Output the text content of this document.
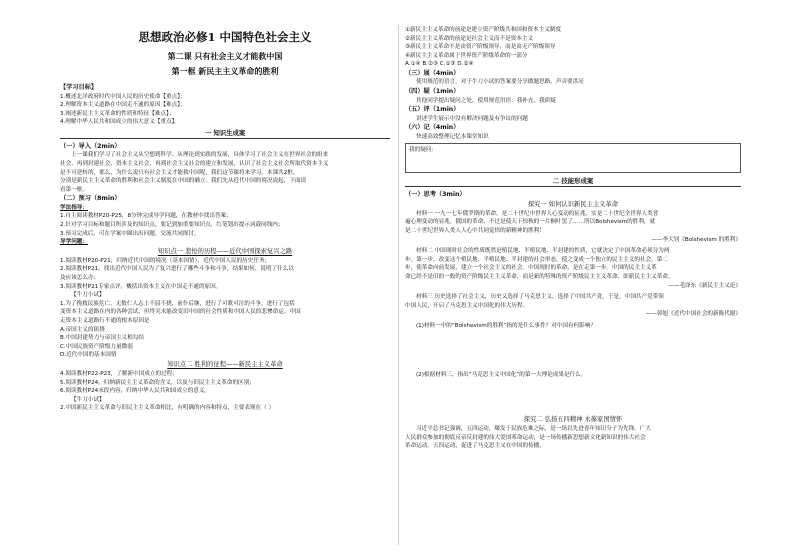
思想政治必修1 中国特色社会主义
第二课 只有社会主义才能救中国
第一框 新民主主义革命的胜利
【学习目标】
1.概述北洋政府时代中国人民的历史使命【重点】；
2.理解资本主义道路在中国走不通的原因【难点】；
3.阐述新民主主义革命的性质和特征【难点】；
4.理解中华人民共和国成立的伟大意义【重点】。
一 知识生成案
（一）导入（2min）
上一课我们学习了社会主义从空想到科学、从理论到实践的发展，具体学习了社会主义在世界社会的组来
社会、再到封建社会、资本主义社会、再到社会主义社会的建立和发展，认识了社会主义社会所取代资本主义
是不可逆转的，那么，为什么说只有社会主义才能救中国呢，我们这节课将来学习。本课共2框，
分别是新民主主义革命的胜利和社会主义制度在中国的确立。我们先从近代中国的境况说起，下面请
看第一框。
（二）预习（8min）
学法指导：
1.自主阅读教材P20-P25，8分钟完成导学问题，在教材中找出答案；
2.针对学习目标和题目所涉及的知识点，要记到加重要知识点，红笔划出提示词载同线内；
3.预习完成后，可在学案中圈出出问题，交流共同探讨。
导学问题：
知识点一 悲怆的历程——近代中国探索复兴之路
1.阅读教材P20-P21，归纳近代中国的境况（基本国情）、近代中国人民的历史任务；
2.阅读教材P21，找出近代中国人民为了复兴进行了哪些斗争和斗争，结果如何，说明了什么以
及应该怎么办；
3.阅读教材P21专家点评，概括出资本主义在中国走不通的原因。
【牛刀小试】
1.为了挽救民族危亡，无数仁人志士不屈不挠、前仆后继，进行了可歌可泣的斗争，进行了包括
变资本主义道路在内的各种尝试，但终究未能改变旧中国的社会性质和中国人民的悲惨命运。中国
走资本主义道路行不通的根本原因是
A.帝国主义的阻挠
B.中国封建势力与帝国主义相勾结
C.中国民族资产阶级力量微弱
D.近代中国的基本国情
知识点二 胜利的征程——新民主主义革命
4.阅读教材P22-P23，了解新中国成立的过程；
5.阅读教材P24，归纳新民主主义革命的含义，以及与旧民主主义革命的区别；
6.阅读教材P24末段内容，归纳中华人民共和国成立的意义。
【牛刀小试】
2.中国新民主主义革命与旧民主主义革命相比，有明确的内容和特点，主要表现在（ ）
①新民主主义革命的前途是建立资产阶级共和国和资本主义制度
②新民主主义革命的前途是社会主义而不是资本主义
③新民主主义革命不是由资产阶级领导，而是由无产阶级领导
④新民主主义革命属于世界资产阶级革命的一部分
A.①④ B.②③ C.①③ D.②④
（三）展（4min）
使用规范的语言，对于牛刀小试的答案要分享做题思路，声音要洪亮
（四）疑（1min）
其他同学提出疑问之处，使用规范用语：我补充、我质疑
（五）评（1min）
讲述学生展示中没有解决问题及有争议的问题
（六）记（4min）
快速高效整理记忆本课堂知识
我的疑问：
二 技能形成案
（一）思考（3min）
探究一 如何认识新民主主义革命
材料一 一九一七年俄罗斯的革命，是二十世纪中世界人心变动的征兆。实是二十世纪全世界人类普
遍心理变动的显兆。俄国的革命，不过是使天下惊秋的一片桐叶罢了……所以Bolshevism的胜利，就
是二十世纪世界人类人人心中共同觉悟的新精神的胜利！
——李大钊《Bolshevism 的胜利》
材料二 中国现时社会的性质既然是殖民地、半殖民地、半封建的性质，它就决定了中国革命必须分为两
步。第一步，改变这个殖民地、半殖民地、半封建的社会形态，使之变成一个独立的民主主义的社会。第二
步，使革命向前发展，建立一个社会主义的社会。中国现时的革命，是在走第一步。中国的民主主义革
命已经不是旧的一般的资产阶级民主主义革命，而是新的特殊的资产阶级民主主义革命，即新民主主义革命。
——毛泽东《新民主主义论》
材料三 历史选择了社会主义，历史又选择了马克思主义，选择了中国共产党，于是，中国共产党带领
中国人民，开启了马克思主义中国化的伟大历程。
——韩旭《近代中国社会的新陈代谢》
(1)材料一中的“Bolshevism的胜利”指的是什么事件？对中国有何影响？
(2)根据材料三，指出“马克思主义中国化”的第一大理论成果是什么。
探究二 弘扬五四精神 永葆家国情怀
习近平总书记强调，五四运动，爆发于民族危难之际，是一场以先进青年知识分子为先锋、广大
人民群众参加的彻底反帝反封建的伟大爱国革命运动，是一场传播新思想新文化新知识的伟大社会
革命运动。五四运动，促进了马克思主义在中国的传播，
